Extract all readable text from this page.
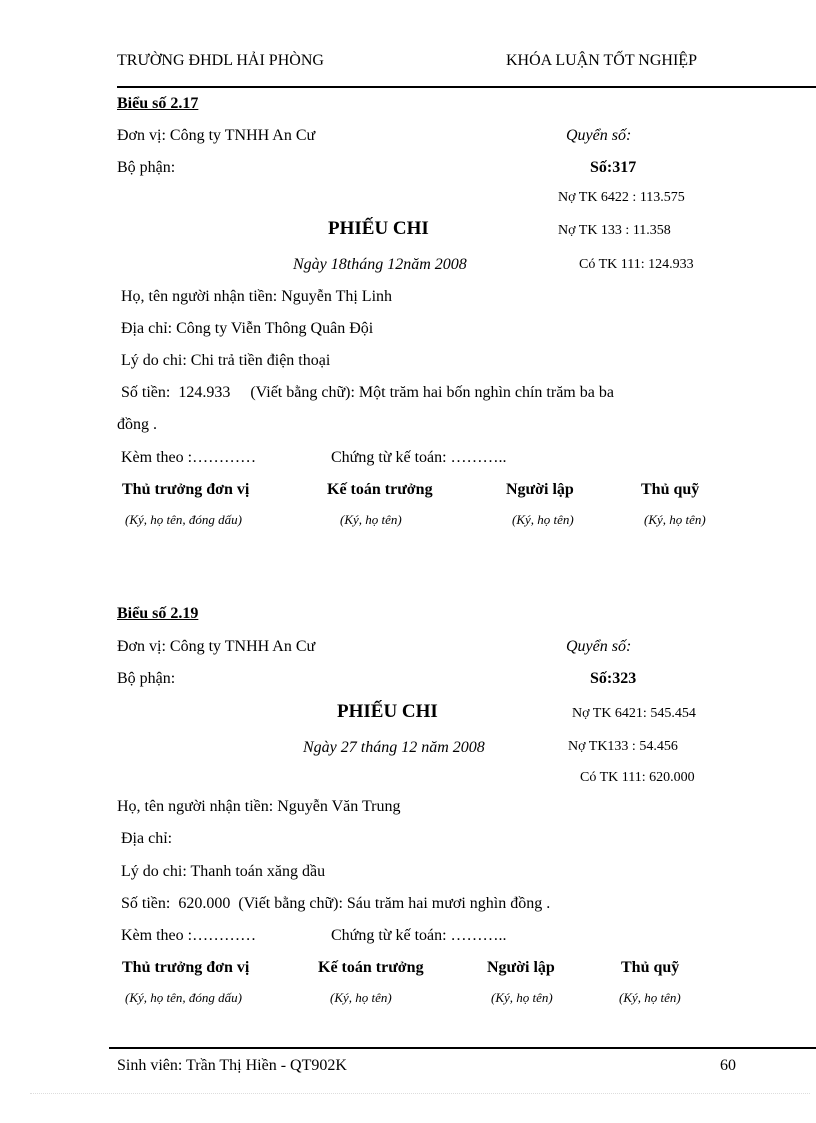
TRƯỜNG ĐHDL HẢI PHÒNG	KHÓA LUẬN TỐT NGHIỆP
Biểu số 2.17
Đơn vị: Công ty TNHH An Cư	Quyển số:
Bộ phận:	Số:317
Nợ TK 6422 : 113.575
PHIẾU CHI	Nợ TK 133 : 11.358
Ngày 18tháng 12năm 2008	Có TK 111: 124.933
Họ, tên người nhận tiền: Nguyễn Thị Linh
Địa chỉ: Công ty Viễn Thông Quân Đội
Lý do chi: Chi trả tiền điện thoại
Số tiền:  124.933     (Viết bằng chữ): Một trăm hai bốn nghìn chín trăm ba ba
đồng .
Kèm theo :…………	Chứng từ kế toán: ………..
Thủ trưởng đơn vị	Kế toán trưởng	Người lập	Thủ quỹ
(Ký, họ tên, đóng dấu)	(Ký, họ tên)	(Ký, họ tên)	(Ký, họ tên)
Biểu số 2.19
Đơn vị: Công ty TNHH An Cư	Quyển số:
Bộ phận:	Số:323
PHIẾU CHI	Nợ TK 6421: 545.454
Ngày 27 tháng 12 năm 2008	Nợ TK133 : 54.456
Có TK 111: 620.000
Họ, tên người nhận tiền: Nguyễn Văn Trung
Địa chỉ:
Lý do chi: Thanh toán xăng dầu
Số tiền:  620.000  (Viết bằng chữ): Sáu trăm hai mươi nghìn đồng .
Kèm theo :…………	Chứng từ kế toán: ………..
Thủ trưởng đơn vị	Kế toán trưởng	Người lập	Thủ quỹ
(Ký, họ tên, đóng dấu)	(Ký, họ tên)	(Ký, họ tên)	(Ký, họ tên)
Sinh viên: Trần Thị Hiền - QT902K	60
